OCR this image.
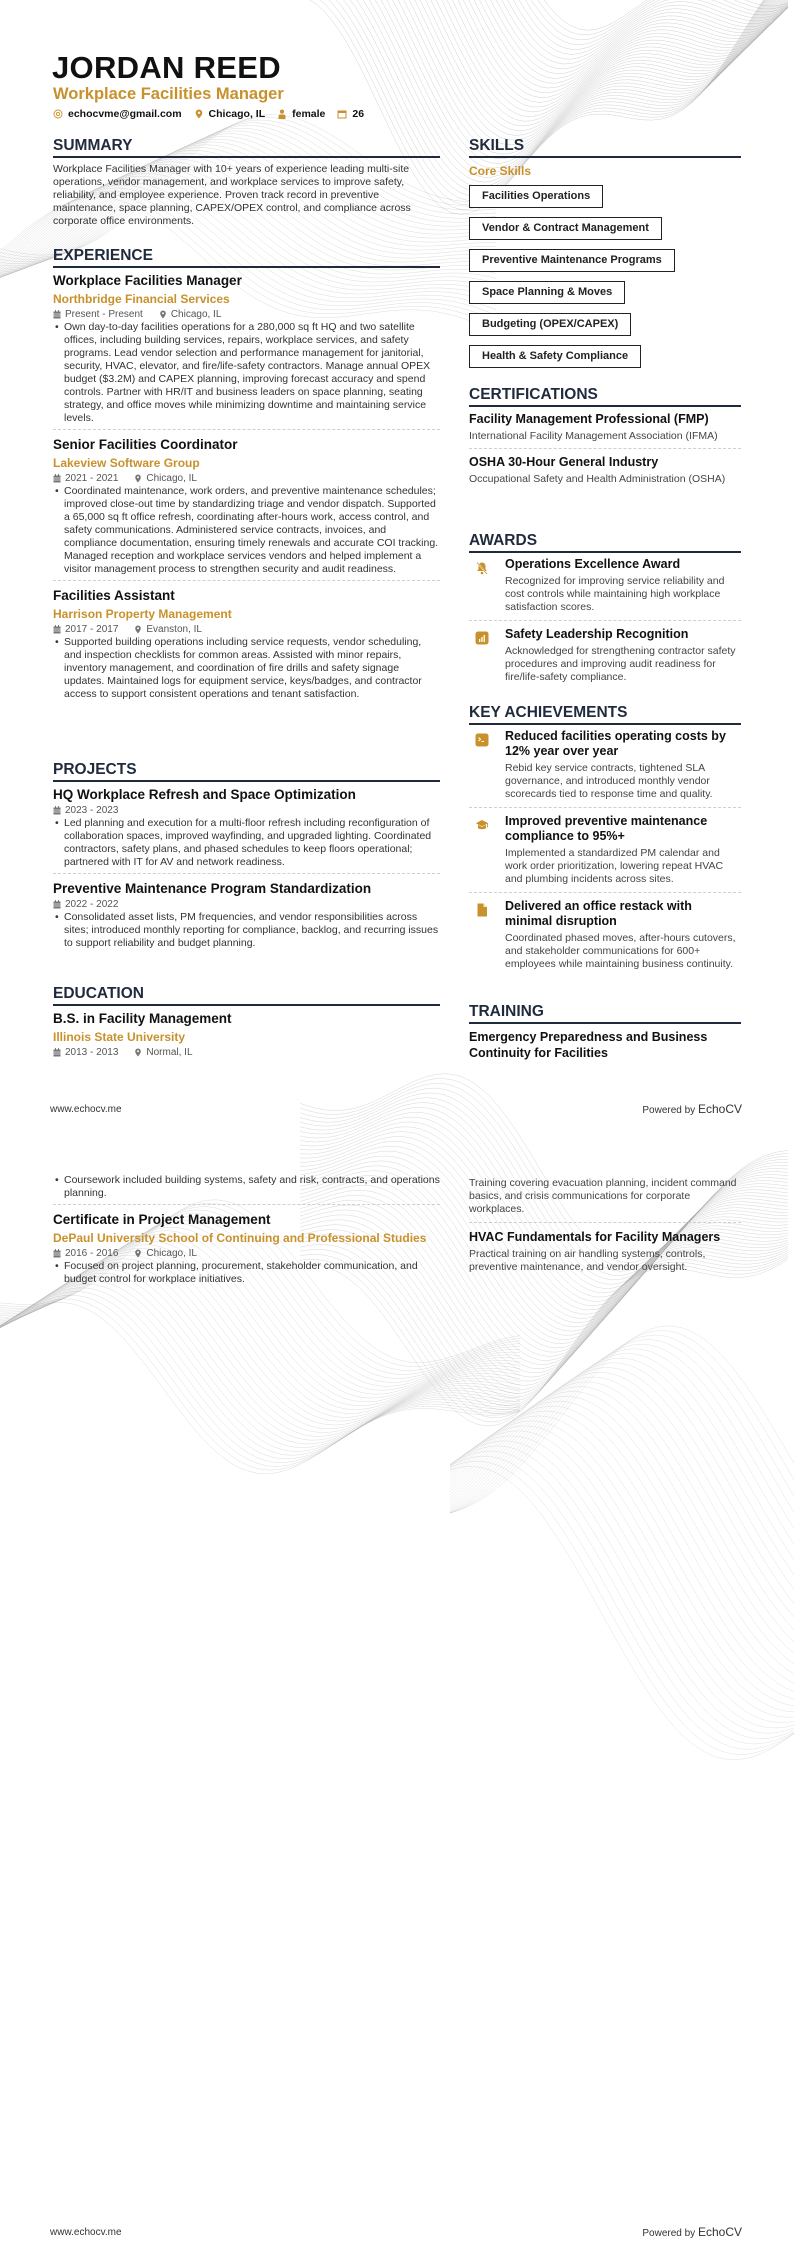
JORDAN REED
Workplace Facilities Manager
echocvme@gmail.com	Chicago, IL	female	26
SUMMARY
Workplace Facilities Manager with 10+ years of experience leading multi-site operations, vendor management, and workplace services to improve safety, reliability, and employee experience. Proven track record in preventive maintenance, space planning, CAPEX/OPEX control, and compliance across corporate office environments.
EXPERIENCE
Workplace Facilities Manager
Northbridge Financial Services
Present - Present	Chicago, IL
• Own day-to-day facilities operations for a 280,000 sq ft HQ and two satellite offices, including building services, repairs, workplace services, and safety programs. Lead vendor selection and performance management for janitorial, security, HVAC, elevator, and fire/life-safety contractors. Manage annual OPEX budget ($3.2M) and CAPEX planning, improving forecast accuracy and spend controls. Partner with HR/IT and business leaders on space planning, seating strategy, and office moves while minimizing downtime and maintaining service levels.
Senior Facilities Coordinator
Lakeview Software Group
2021 - 2021	Chicago, IL
• Coordinated maintenance, work orders, and preventive maintenance schedules; improved close-out time by standardizing triage and vendor dispatch. Supported a 65,000 sq ft office refresh, coordinating after-hours work, access control, and safety communications. Administered service contracts, invoices, and compliance documentation, ensuring timely renewals and accurate COI tracking. Managed reception and workplace services vendors and helped implement a visitor management process to strengthen security and audit readiness.
Facilities Assistant
Harrison Property Management
2017 - 2017	Evanston, IL
• Supported building operations including service requests, vendor scheduling, and inspection checklists for common areas. Assisted with minor repairs, inventory management, and coordination of fire drills and safety signage updates. Maintained logs for equipment service, keys/badges, and contractor access to support consistent operations and tenant satisfaction.
PROJECTS
HQ Workplace Refresh and Space Optimization
2023 - 2023
• Led planning and execution for a multi-floor refresh including reconfiguration of collaboration spaces, improved wayfinding, and upgraded lighting. Coordinated contractors, safety plans, and phased schedules to keep floors operational; partnered with IT for AV and network readiness.
Preventive Maintenance Program Standardization
2022 - 2022
• Consolidated asset lists, PM frequencies, and vendor responsibilities across sites; introduced monthly reporting for compliance, backlog, and recurring issues to support reliability and budget planning.
EDUCATION
B.S. in Facility Management
Illinois State University
2013 - 2013	Normal, IL
SKILLS
Core Skills
Facilities Operations
Vendor & Contract Management
Preventive Maintenance Programs
Space Planning & Moves
Budgeting (OPEX/CAPEX)
Health & Safety Compliance
CERTIFICATIONS
Facility Management Professional (FMP)
International Facility Management Association (IFMA)
OSHA 30-Hour General Industry
Occupational Safety and Health Administration (OSHA)
AWARDS
Operations Excellence Award
Recognized for improving service reliability and cost controls while maintaining high workplace satisfaction scores.
Safety Leadership Recognition
Acknowledged for strengthening contractor safety procedures and improving audit readiness for fire/life-safety compliance.
KEY ACHIEVEMENTS
Reduced facilities operating costs by 12% year over year
Rebid key service contracts, tightened SLA governance, and introduced monthly vendor scorecards tied to response time and quality.
Improved preventive maintenance compliance to 95%+
Implemented a standardized PM calendar and work order prioritization, lowering repeat HVAC and plumbing incidents across sites.
Delivered an office restack with minimal disruption
Coordinated phased moves, after-hours cutovers, and stakeholder communications for 600+ employees while maintaining business continuity.
TRAINING
Emergency Preparedness and Business Continuity for Facilities
www.echocv.me	Powered by EchoCV
• Coursework included building systems, safety and risk, contracts, and operations planning.
Certificate in Project Management
DePaul University School of Continuing and Professional Studies
2016 - 2016	Chicago, IL
• Focused on project planning, procurement, stakeholder communication, and budget control for workplace initiatives.
Training covering evacuation planning, incident command basics, and crisis communications for corporate workplaces.
HVAC Fundamentals for Facility Managers
Practical training on air handling systems, controls, preventive maintenance, and vendor oversight.
www.echocv.me	Powered by EchoCV
